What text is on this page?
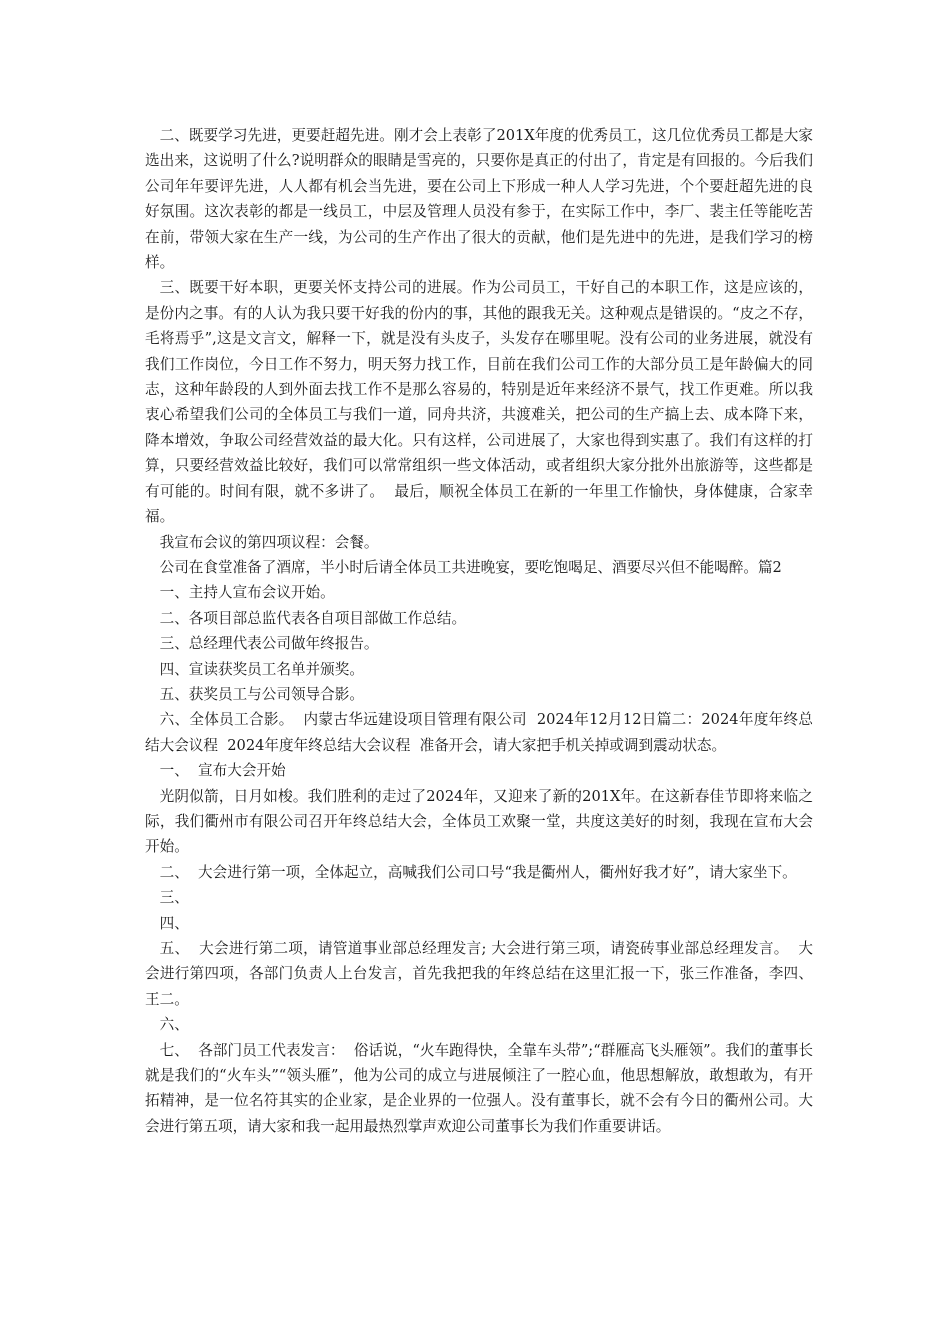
二、既要学习先进，更要赶超先进。刚才会上表彰了201X年度的优秀员工，这几位优秀员工都是大家选出来，这说明了什么?说明群众的眼睛是雪亮的，只要你是真正的付出了，肯定是有回报的。今后我们公司年年要评先进，人人都有机会当先进，要在公司上下形成一种人人学习先进，个个要赶超先进的良好氛围。这次表彰的都是一线员工，中层及管理人员没有参于，在实际工作中，李厂、裴主任等能吃苦在前，带领大家在生产一线，为公司的生产作出了很大的贡献，他们是先进中的先进，是我们学习的榜样。

三、既要干好本职，更要关怀支持公司的进展。作为公司员工，干好自己的本职工作，这是应该的，是份内之事。有的人认为我只要干好我的份内的事，其他的跟我无关。这种观点是错误的。“皮之不存，毛将焉乎”,这是文言文，解释一下，就是没有头皮子，头发存在哪里呢。没有公司的业务进展，就没有我们工作岗位，今日工作不努力，明天努力找工作，目前在我们公司工作的大部分员工是年龄偏大的同志，这种年龄段的人到外面去找工作不是那么容易的，特别是近年来经济不景气，找工作更难。所以我衷心希望我们公司的全体员工与我们一道，同舟共济，共渡难关，把公司的生产搞上去、成本降下来，降本增效，争取公司经营效益的最大化。只有这样，公司进展了，大家也得到实惠了。我们有这样的打算，只要经营效益比较好，我们可以常常组织一些文体活动，或者组织大家分批外出旅游等，这些都是有可能的。时间有限，就不多讲了。  最后，顺祝全体员工在新的一年里工作愉快，身体健康，合家幸福。

我宣布会议的第四项议程：会餐。

公司在食堂准备了酒席，半小时后请全体员工共进晚宴，要吃饱喝足、酒要尽兴但不能喝醉。篇2

一、主持人宣布会议开始。

二、各项目部总监代表各自项目部做工作总结。

三、总经理代表公司做年终报告。

四、宣读获奖员工名单并颁奖。

五、获奖员工与公司领导合影。

六、全体员工合影。  内蒙古华远建设项目管理有限公司  2024年12月12日篇二：2024年度年终总结大会议程  2024年度年终总结大会议程  准备开会，请大家把手机关掉或调到震动状态。

一、  宣布大会开始

光阴似箭，日月如梭。我们胜利的走过了2024年，又迎来了新的201X年。在这新春佳节即将来临之际，我们衢州市有限公司召开年终总结大会，全体员工欢聚一堂，共度这美好的时刻，我现在宣布大会开始。

二、  大会进行第一项，全体起立，高喊我们公司口号“我是衢州人，衢州好我才好”，请大家坐下。

三、

四、

五、  大会进行第二项，请管道事业部总经理发言; 大会进行第三项，请瓷砖事业部总经理发言。  大会进行第四项，各部门负责人上台发言，首先我把我的年终总结在这里汇报一下，张三作准备，李四、王二。

六、

七、  各部门员工代表发言：  俗话说，“火车跑得快，全靠车头带”;“群雁高飞头雁领”。我们的董事长就是我们的“火车头”“领头雁”，他为公司的成立与进展倾注了一腔心血，他思想解放，敢想敢为，有开拓精神，是一位名符其实的企业家，是企业界的一位强人。没有董事长，就不会有今日的衢州公司。大会进行第五项，请大家和我一起用最热烈掌声欢迎公司董事长为我们作重要讲话。
